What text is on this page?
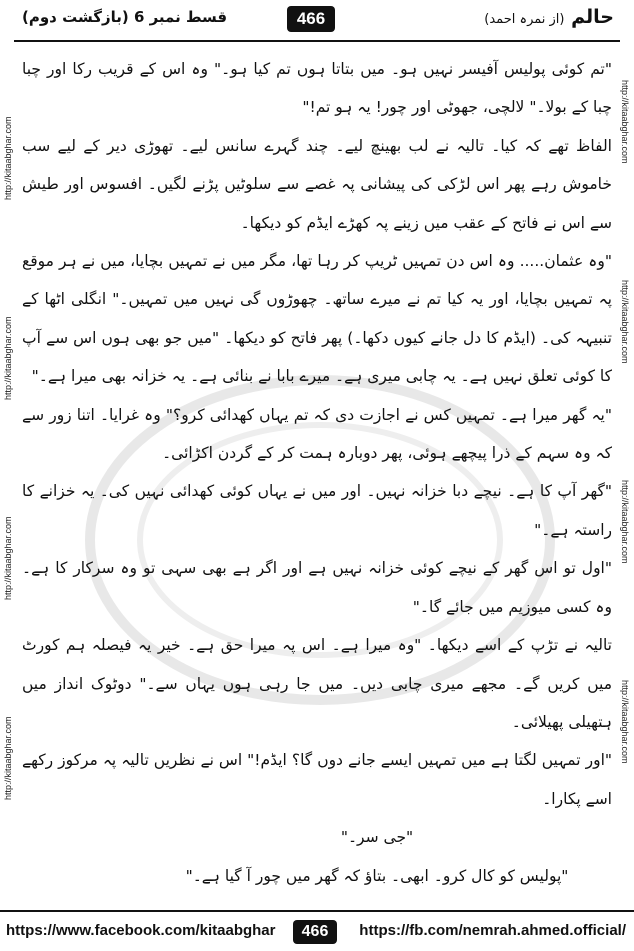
قسط نمبر 6 (بازگشت دوم)	466	حالم (از نمرہ احمد)
http://kitaabghar.com
http://kitaabghar.com
http://kitaabghar.com
http://kitaabghar.com
http://kitaabghar.com
http://kitaabghar.com
http://kitaabghar.com
http://kitaabghar.com

"تم کوئی پولیس آفیسر نہیں ہو۔ میں بتاتا ہوں تم کیا ہو۔" وہ اس کے قریب رکا اور چبا چبا کے بولا۔" لالچی، جھوٹی اور چور! یہ ہو تم!"

الفاظ تھے کہ کیا۔ تالیہ نے لب بھینچ لیے۔ چند گہرے سانس لیے۔ تھوڑی دیر کے لیے سب خاموش رہے پھر اس لڑکی کی پیشانی پہ غصے سے سلوٹیں پڑنے لگیں۔ افسوس اور طیش سے اس نے فاتح کے عقب میں زینے پہ کھڑے ایڈم کو دیکھا۔

"وہ عثمان..... وہ اس دن تمہیں ٹریپ کر رہا تھا، مگر میں نے تمہیں بچایا، میں نے ہر موقع پہ تمہیں بچایا، اور یہ کیا تم نے میرے ساتھ۔ چھوڑوں گی نہیں میں تمہیں۔" انگلی اٹھا کے تنبیہہ کی۔ (ایڈم کا دل جانے کیوں دکھا۔) پھر فاتح کو دیکھا۔ "میں جو بھی ہوں اس سے آپ کا کوئی تعلق نہیں ہے۔ یہ چابی میری ہے۔ میرے بابا نے بنائی ہے۔ یہ خزانہ بھی میرا ہے۔"

"یہ گھر میرا ہے۔ تمہیں کس نے اجازت دی کہ تم یہاں کھدائی کرو؟" وہ غرایا۔ اتنا زور سے کہ وہ سہم کے ذرا پیچھے ہوئی، پھر دوبارہ ہمت کر کے گردن اکڑائی۔

"گھر آپ کا ہے۔ نیچے دبا خزانہ نہیں۔ اور میں نے یہاں کوئی کھدائی نہیں کی۔ یہ خزانے کا راستہ ہے۔"

"اول تو اس گھر کے نیچے کوئی خزانہ نہیں ہے اور اگر ہے بھی سہی تو وہ سرکار کا ہے۔ وہ کسی میوزیم میں جائے گا۔"

تالیہ نے تڑپ کے اسے دیکھا۔ "وہ میرا ہے۔ اس پہ میرا حق ہے۔ خیر یہ فیصلہ ہم کورٹ میں کریں گے۔ مجھے میری چابی دیں۔ میں جا رہی ہوں یہاں سے۔" دوٹوک انداز میں ہتھیلی پھیلائی۔

"اور تمہیں لگتا ہے میں تمہیں ایسے جانے دوں گا؟ ایڈم!" اس نے نظریں تالیہ پہ مرکوز رکھے اسے پکارا۔

"جی سر۔"

"پولیس کو کال کرو۔ ابھی۔ بتاؤ کہ گھر میں چور آ گیا ہے۔"

https://www.facebook.com/kitaabghar	466	https://fb.com/nemrah.ahmed.official/
